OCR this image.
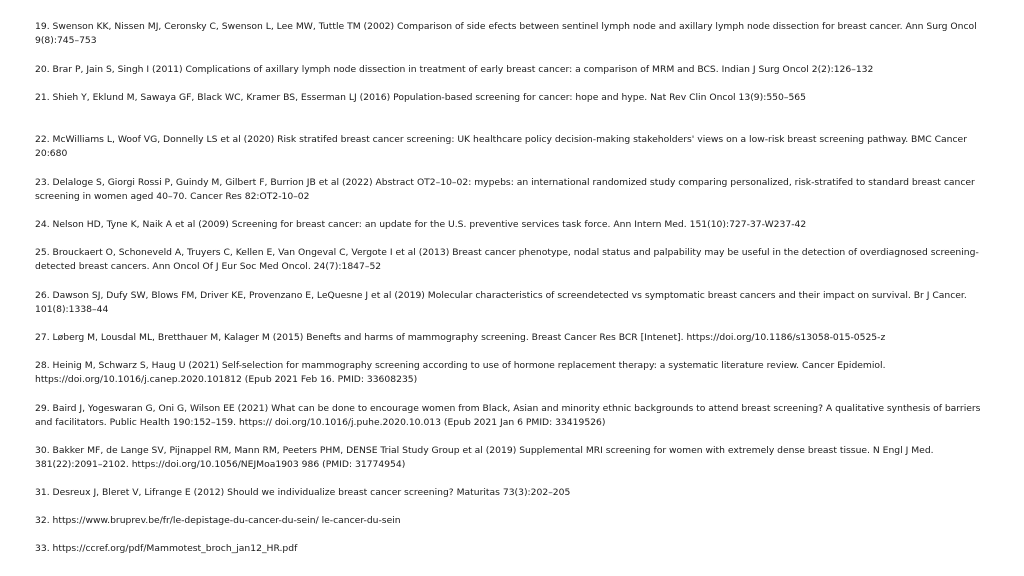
19. Swenson KK, Nissen MJ, Ceronsky C, Swenson L, Lee MW, Tuttle TM (2002) Comparison of side efects between sentinel lymph node and axillary lymph node dissection for breast cancer. Ann Surg Oncol 9(8):745–753
20. Brar P, Jain S, Singh I (2011) Complications of axillary lymph node dissection in treatment of early breast cancer: a comparison of MRM and BCS. Indian J Surg Oncol 2(2):126–132
21. Shieh Y, Eklund M, Sawaya GF, Black WC, Kramer BS, Esserman LJ (2016) Population-based screening for cancer: hope and hype. Nat Rev Clin Oncol 13(9):550–565
22. McWilliams L, Woof VG, Donnelly LS et al (2020) Risk stratifed breast cancer screening: UK healthcare policy decision-making stakeholders' views on a low-risk breast screening pathway. BMC Cancer 20:680
23. Delaloge S, Giorgi Rossi P, Guindy M, Gilbert F, Burrion JB et al (2022) Abstract OT2–10–02: mypebs: an international randomized study comparing personalized, risk-stratifed to standard breast cancer screening in women aged 40–70. Cancer Res 82:OT2-10–02
24. Nelson HD, Tyne K, Naik A et al (2009) Screening for breast cancer: an update for the U.S. preventive services task force. Ann Intern Med. 151(10):727-37-W237-42
25. Brouckaert O, Schoneveld A, Truyers C, Kellen E, Van Ongeval C, Vergote I et al (2013) Breast cancer phenotype, nodal status and palpability may be useful in the detection of overdiagnosed screening-detected breast cancers. Ann Oncol Of J Eur Soc Med Oncol. 24(7):1847–52
26. Dawson SJ, Dufy SW, Blows FM, Driver KE, Provenzano E, LeQuesne J et al (2019) Molecular characteristics of screendetected vs symptomatic breast cancers and their impact on survival. Br J Cancer. 101(8):1338–44
27. Løberg M, Lousdal ML, Bretthauer M, Kalager M (2015) Benefts and harms of mammography screening. Breast Cancer Res BCR [Intenet]. https://doi.org/10.1186/s13058-015-0525-z
28. Heinig M, Schwarz S, Haug U (2021) Self-selection for mammography screening according to use of hormone replacement therapy: a systematic literature review. Cancer Epidemiol. https://doi.org/10.1016/j.canep.2020.101812 (Epub 2021 Feb 16. PMID: 33608235)
29. Baird J, Yogeswaran G, Oni G, Wilson EE (2021) What can be done to encourage women from Black, Asian and minority ethnic backgrounds to attend breast screening? A qualitative synthesis of barriers and facilitators. Public Health 190:152–159. https:// doi.org/10.1016/j.puhe.2020.10.013 (Epub 2021 Jan 6 PMID: 33419526)
30. Bakker MF, de Lange SV, Pijnappel RM, Mann RM, Peeters PHM, DENSE Trial Study Group et al (2019) Supplemental MRI screening for women with extremely dense breast tissue. N Engl J Med. 381(22):2091–2102. https://doi.org/10.1056/NEJMoa1903 986 (PMID: 31774954)
31. Desreux J, Bleret V, Lifrange E (2012) Should we individualize breast cancer screening? Maturitas 73(3):202–205
32. https://www.bruprev.be/fr/le-depistage-du-cancer-du-sein/ le-cancer-du-sein
33. https://ccref.org/pdf/Mammotest_broch_jan12_HR.pdf
